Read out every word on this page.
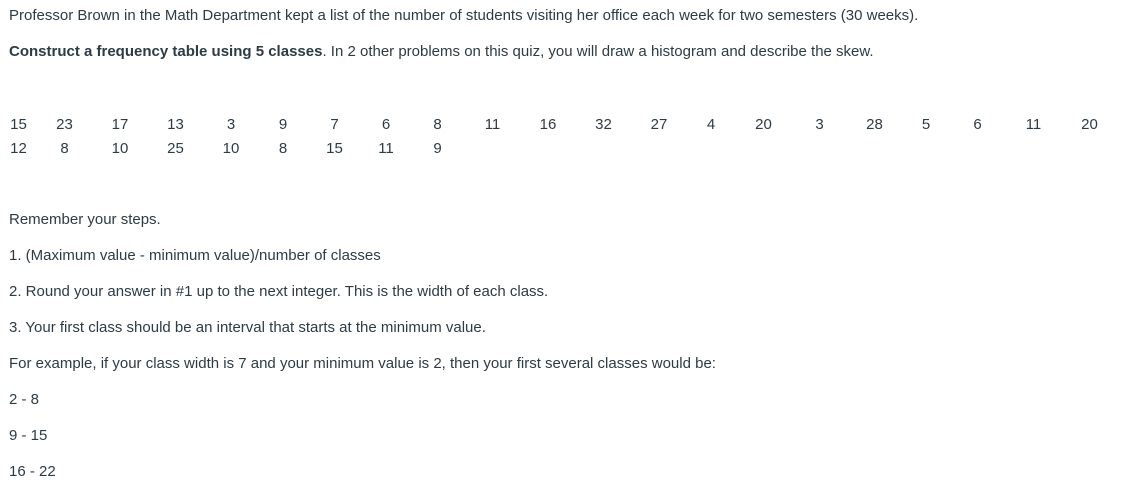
Professor Brown in the Math Department kept a list of the number of students visiting her office each week for two semesters (30 weeks).

Construct a frequency table using 5 classes. In 2 other problems on this quiz, you will draw a histogram and describe the skew.

15	23	17	13	3	9	7	6	8	11	16	32	27	4	20	3	28	5	6	11	20
12	8	10	25	10	8	15	11	9												

Remember your steps.

1. (Maximum value - minimum value)/number of classes

2. Round your answer in #1 up to the next integer. This is the width of each class.

3. Your first class should be an interval that starts at the minimum value.

For example, if your class width is 7 and your minimum value is 2, then your first several classes would be:

2 - 8

9 - 15

16 - 22
